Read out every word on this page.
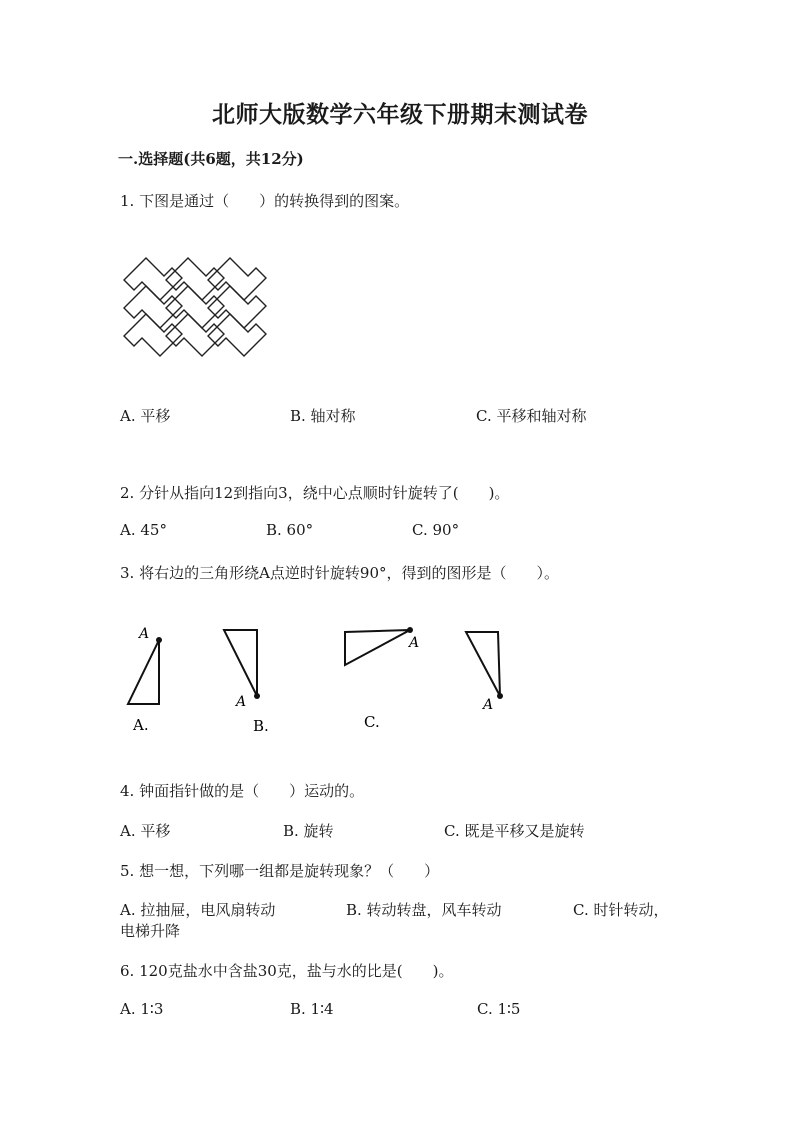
北师大版数学六年级下册期末测试卷
一.选择题(共6题，共12分)
1. 下图是通过（　　）的转换得到的图案。
A. 平移	B. 轴对称	C. 平移和轴对称
2. 分针从指向12到指向3，绕中心点顺时针旋转了(　　)。
A. 45°	B. 60°	C. 90°
3. 将右边的三角形绕A点逆时针旋转90°，得到的图形是（　　）。
A
A.
A
B.
A
C.
A
4. 钟面指针做的是（　　）运动的。
A. 平移	B. 旋转	C. 既是平移又是旋转
5. 想一想，下列哪一组都是旋转现象？（　　）
A. 拉抽屉，电风扇转动	B. 转动转盘，风车转动	C. 时针转动，
电梯升降
6. 120克盐水中含盐30克，盐与水的比是(　　)。
A. 1∶3	B. 1∶4	C. 1∶5
